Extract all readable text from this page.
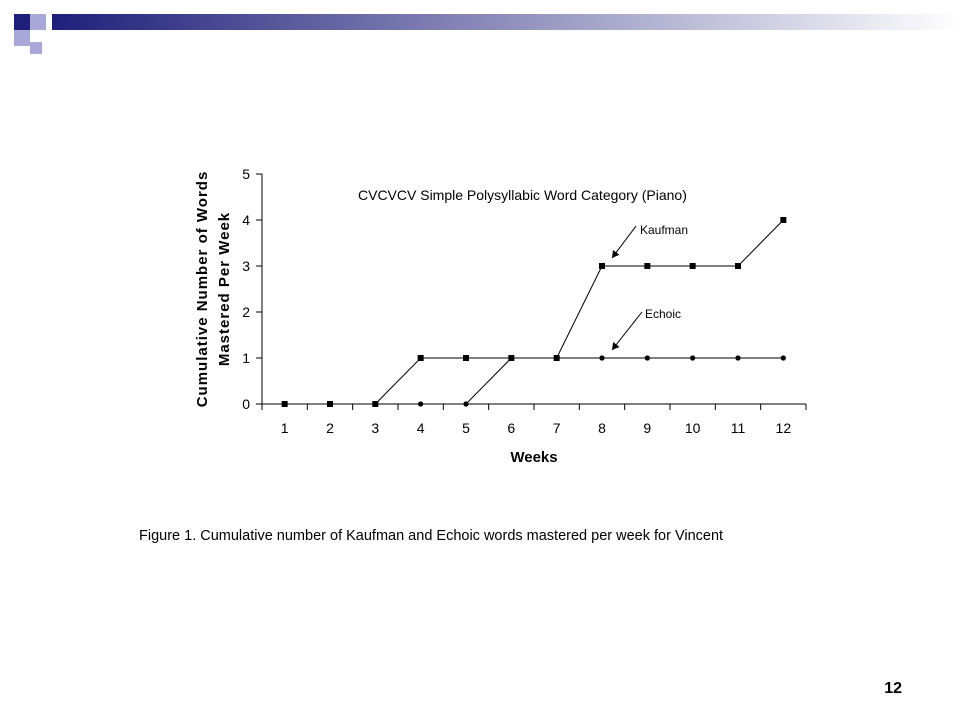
0
1
2
3
4
5
1	2	3	4	5	6	7	8	9 10 11 12
Weeks
Cumulative Number of Words Mastered Per Week
CVCVCV Simple Polysyllabic Word Category (Piano)
Kaufman
Echoic
Figure 1. Cumulative number of Kaufman and Echoic words mastered per week for Vincent
12
